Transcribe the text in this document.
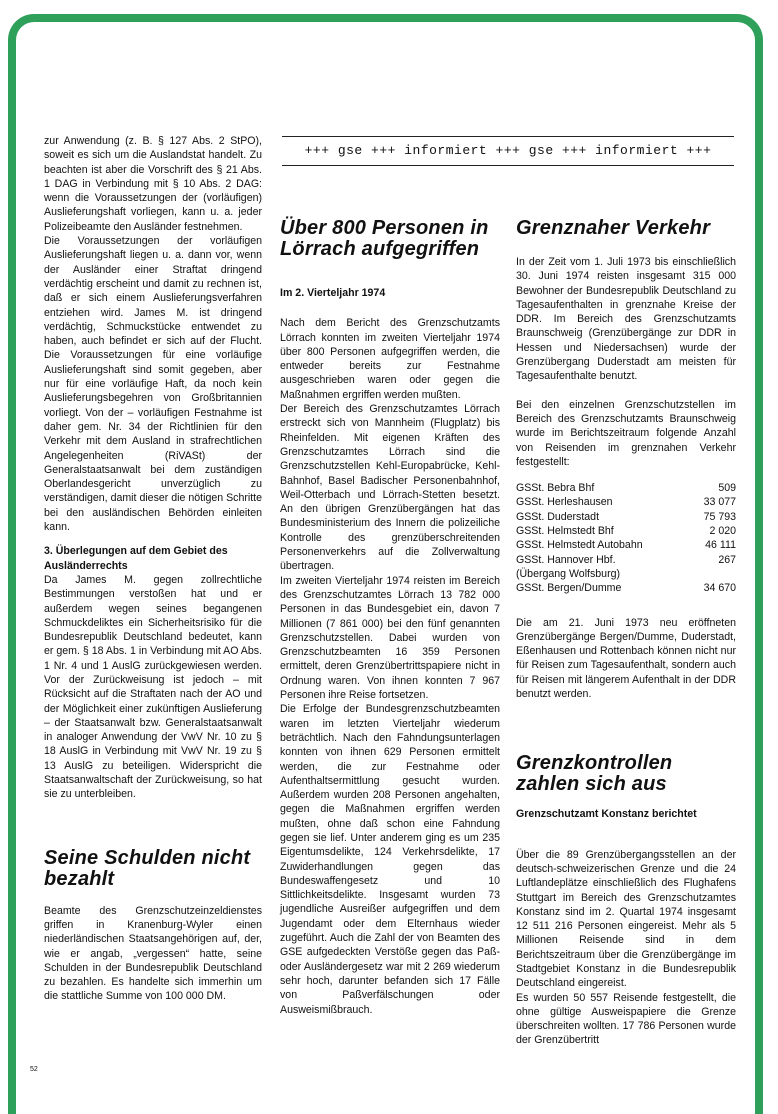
+++ gse +++ informiert +++ gse +++ informiert +++

zur Anwendung (z. B. § 127 Abs. 2 StPO), soweit es sich um die Auslandstat handelt. Zu beachten ist aber die Vorschrift des § 21 Abs. 1 DAG in Verbindung mit § 10 Abs. 2 DAG: wenn die Voraussetzungen der (vorläufigen) Auslieferungshaft vorliegen, kann u. a. jeder Polizeibeamte den Ausländer festnehmen.

Die Voraussetzungen der vorläufigen Auslieferungshaft liegen u. a. dann vor, wenn der Ausländer einer Straftat dringend verdächtig erscheint und damit zu rechnen ist, daß er sich einem Auslieferungsverfahren entziehen wird. James M. ist dringend verdächtig, Schmuckstücke entwendet zu haben, auch befindet er sich auf der Flucht. Die Voraussetzungen für eine vorläufige Auslieferungshaft sind somit gegeben, aber nur für eine vorläufige Haft, da noch kein Auslieferungsbegehren von Großbritannien vorliegt. Von der – vorläufigen Festnahme ist daher gem. Nr. 34 der Richtlinien für den Verkehr mit dem Ausland in strafrechtlichen Angelegenheiten (RiVASt) der Generalstaatsanwalt bei dem zuständigen Oberlandesgericht unverzüglich zu verständigen, damit dieser die nötigen Schritte bei den ausländischen Behörden einleiten kann.

3. Überlegungen auf dem Gebiet des Ausländerrechts

Da James M. gegen zollrechtliche Bestimmungen verstoßen hat und er außerdem wegen seines begangenen Schmuckdeliktes ein Sicherheitsrisiko für die Bundesrepublik Deutschland bedeutet, kann er gem. § 18 Abs. 1 in Verbindung mit AO Abs. 1 Nr. 4 und 1 AuslG zurückgewiesen werden. Vor der Zurückweisung ist jedoch – mit Rücksicht auf die Straftaten nach der AO und der Möglichkeit einer zukünftigen Auslieferung – der Staatsanwalt bzw. Generalstaatsanwalt in analoger Anwendung der VwV Nr. 10 zu § 18 AuslG in Verbindung mit VwV Nr. 19 zu § 13 AuslG zu beteiligen. Widerspricht die Staatsanwaltschaft der Zurückweisung, so hat sie zu unterbleiben.

Seine Schulden nicht bezahlt

Beamte des Grenzschutzeinzeldienstes griffen in Kranenburg-Wyler einen niederländischen Staatsangehörigen auf, der, wie er angab, „vergessen“ hatte, seine Schulden in der Bundesrepublik Deutschland zu bezahlen. Es handelte sich immerhin um die stattliche Summe von 100 000 DM.

Über 800 Personen in Lörrach aufgegriffen

Im 2. Vierteljahr 1974

Nach dem Bericht des Grenzschutzamts Lörrach konnten im zweiten Vierteljahr 1974 über 800 Personen aufgegriffen werden, die entweder bereits zur Festnahme ausgeschrieben waren oder gegen die Maßnahmen ergriffen werden mußten.

Der Bereich des Grenzschutzamtes Lörrach erstreckt sich von Mannheim (Flugplatz) bis Rheinfelden. Mit eigenen Kräften des Grenzschutzamtes Lörrach sind die Grenzschutzstellen Kehl-Europabrücke, Kehl-Bahnhof, Basel Badischer Personenbahnhof, Weil-Otterbach und Lörrach-Stetten besetzt. An den übrigen Grenzübergängen hat das Bundesministerium des Innern die polizeiliche Kontrolle des grenzüberschreitenden Personenverkehrs auf die Zollverwaltung übertragen.

Im zweiten Vierteljahr 1974 reisten im Bereich des Grenzschutzamtes Lörrach 13 782 000 Personen in das Bundesgebiet ein, davon 7 Millionen (7 861 000) bei den fünf genannten Grenzschutzstellen. Dabei wurden von Grenzschutzbeamten 16 359 Personen ermittelt, deren Grenzübertrittspapiere nicht in Ordnung waren. Von ihnen konnten 7 967 Personen ihre Reise fortsetzen.

Die Erfolge der Bundesgrenzschutzbeamten waren im letzten Vierteljahr wiederum beträchtlich. Nach den Fahndungsunterlagen konnten von ihnen 629 Personen ermittelt werden, die zur Festnahme oder Aufenthaltsermittlung gesucht wurden. Außerdem wurden 208 Personen angehalten, gegen die Maßnahmen ergriffen werden mußten, ohne daß schon eine Fahndung gegen sie lief. Unter anderem ging es um 235 Eigentumsdelikte, 124 Verkehrsdelikte, 17 Zuwiderhandlungen gegen das Bundeswaffengesetz und 10 Sittlichkeitsdelikte. Insgesamt wurden 73 jugendliche Ausreißer aufgegriffen und dem Jugendamt oder dem Elternhaus wieder zugeführt. Auch die Zahl der von Beamten des GSE aufgedeckten Verstöße gegen das Paß- oder Ausländergesetz war mit 2 269 wiederum sehr hoch, darunter befanden sich 17 Fälle von Paßverfälschungen oder Ausweismißbrauch.

Grenznaher Verkehr

In der Zeit vom 1. Juli 1973 bis einschließlich 30. Juni 1974 reisten insgesamt 315 000 Bewohner der Bundesrepublik Deutschland zu Tagesaufenthalten in grenznahe Kreise der DDR. Im Bereich des Grenzschutzamts Braunschweig (Grenzübergänge zur DDR in Hessen und Niedersachsen) wurde der Grenzübergang Duderstadt am meisten für Tagesaufenthalte benutzt.

Bei den einzelnen Grenzschutzstellen im Bereich des Grenzschutzamts Braunschweig wurde im Berichtszeitraum folgende Anzahl von Reisenden im grenznahen Verkehr festgestellt:

GSSt. Bebra Bhf	509
GSSt. Herleshausen	33 077
GSSt. Duderstadt	75 793
GSSt. Helmstedt Bhf	2 020
GSSt. Helmstedt Autobahn	46 111
GSSt. Hannover Hbf.	267
(Übergang Wolfsburg)	
GSSt. Bergen/Dumme	34 670

Die am 21. Juni 1973 neu eröffneten Grenzübergänge Bergen/Dumme, Duderstadt, Eßenhausen und Rottenbach können nicht nur für Reisen zum Tagesaufenthalt, sondern auch für Reisen mit längerem Aufenthalt in der DDR benutzt werden.

Grenzkontrollen zahlen sich aus

Grenzschutzamt Konstanz berichtet

Über die 89 Grenzübergangsstellen an der deutsch-schweizerischen Grenze und die 24 Luftlandeplätze einschließlich des Flughafens Stuttgart im Bereich des Grenzschutzamtes Konstanz sind im 2. Quartal 1974 insgesamt 12 511 216 Personen eingereist. Mehr als 5 Millionen Reisende sind in dem Berichtszeitraum über die Grenzübergänge im Stadtgebiet Konstanz in die Bundesrepublik Deutschland eingereist.

Es wurden 50 557 Reisende festgestellt, die ohne gültige Ausweispapiere die Grenze überschreiten wollten. 17 786 Personen wurde der Grenzübertritt

52
